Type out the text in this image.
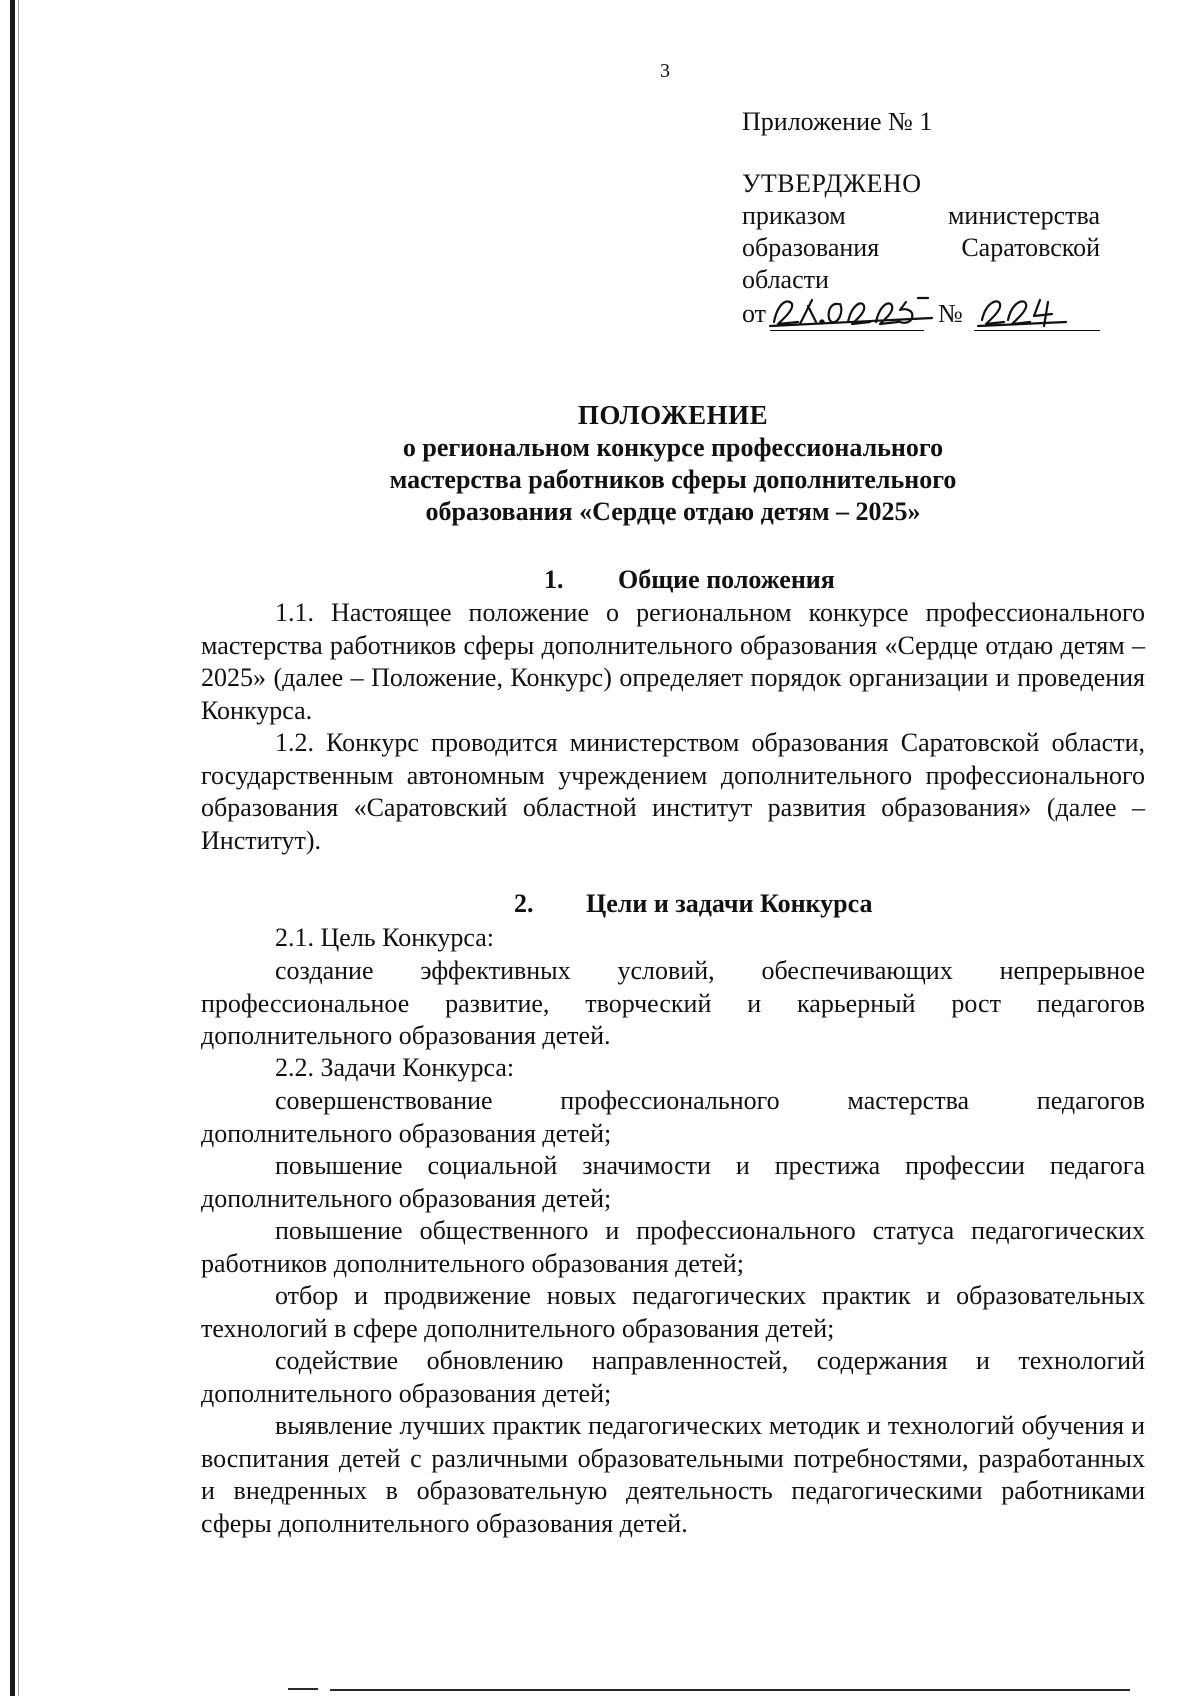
3
Приложение № 1
УТВЕРДЖЕНО
приказом министерства
образования Саратовской
области
от	№
ПОЛОЖЕНИЕ
о региональном конкурсе профессионального
мастерства работников сферы дополнительного
образования «Сердце отдаю детям – 2025»
1. Общие положения

1.1. Настоящее положение о региональном конкурсе профессионального мастерства работников сферы дополнительного образования «Сердце отдаю детям – 2025» (далее – Положение, Конкурс) определяет порядок организации и проведения Конкурса.

1.2. Конкурс проводится министерством образования Саратовской области, государственным автономным учреждением дополнительного профессионального образования «Саратовский областной институт развития образования» (далее – Институт).

2. Цели и задачи Конкурса

2.1. Цель Конкурса:

создание эффективных условий, обеспечивающих непрерывное профессиональное развитие, творческий и карьерный рост педагогов дополнительного образования детей.

2.2. Задачи Конкурса:

совершенствование профессионального мастерства педагогов дополнительного образования детей;

повышение социальной значимости и престижа профессии педагога дополнительного образования детей;

повышение общественного и профессионального статуса педагогических работников дополнительного образования детей;

отбор и продвижение новых педагогических практик и образовательных технологий в сфере дополнительного образования детей;

содействие обновлению направленностей, содержания и технологий дополнительного образования детей;

выявление лучших практик педагогических методик и технологий обучения и воспитания детей с различными образовательными потребностями, разработанных и внедренных в образовательную деятельность педагогическими работниками сферы дополнительного образования детей.
